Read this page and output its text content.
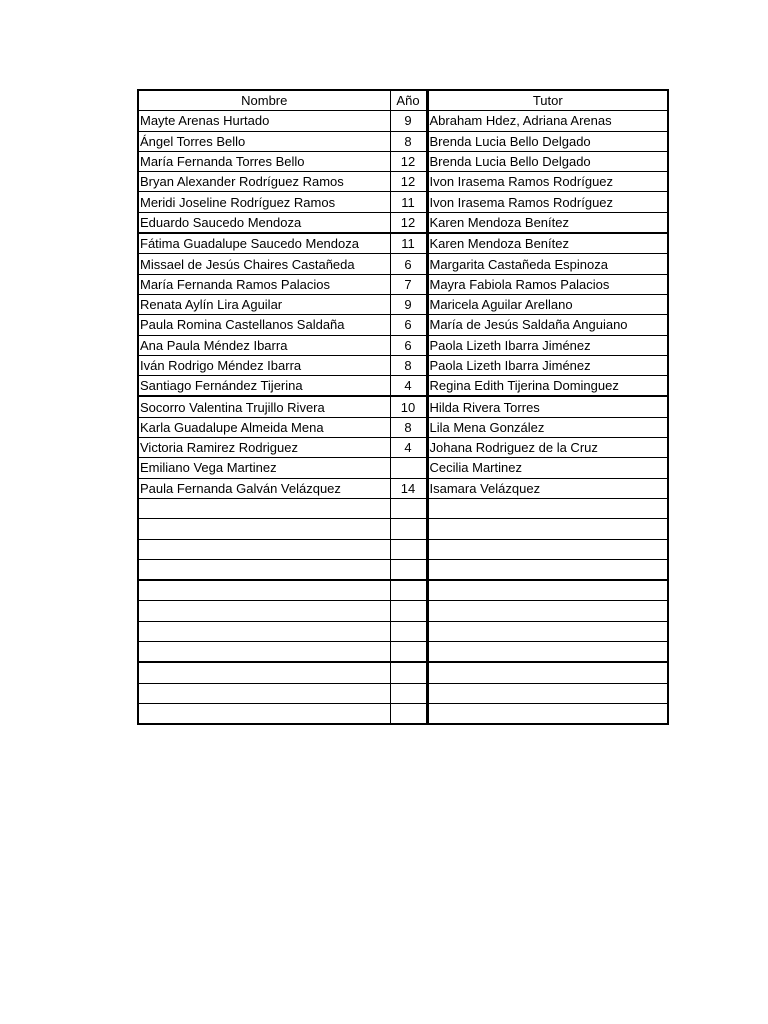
Nombre	Año	Tutor
Mayte Arenas Hurtado	9	Abraham Hdez, Adriana Arenas
Ángel Torres Bello	8	Brenda Lucia Bello Delgado
María Fernanda Torres Bello	12	Brenda Lucia Bello Delgado
Bryan Alexander Rodríguez Ramos	12	Ivon Irasema Ramos Rodríguez
Meridi Joseline Rodríguez Ramos	11	Ivon Irasema Ramos Rodríguez
Eduardo Saucedo Mendoza	12	Karen Mendoza Benítez
Fátima Guadalupe Saucedo Mendoza	11	Karen Mendoza Benítez
Missael de Jesús Chaires Castañeda	6	Margarita Castañeda Espinoza
María Fernanda Ramos Palacios	7	Mayra Fabiola Ramos Palacios
Renata Aylín Lira Aguilar	9	Maricela Aguilar Arellano
Paula Romina Castellanos Saldaña	6	María de Jesús Saldaña Anguiano
Ana Paula Méndez Ibarra	6	Paola Lizeth Ibarra Jiménez
Iván Rodrigo Méndez Ibarra	8	Paola Lizeth Ibarra Jiménez
Santiago Fernández Tijerina	4	Regina Edith Tijerina Dominguez
Socorro Valentina Trujillo Rivera	10	Hilda Rivera Torres
Karla Guadalupe Almeida Mena	8	Lila Mena González
Victoria Ramirez Rodriguez	4	Johana Rodriguez de la Cruz
Emiliano Vega Martinez		Cecilia Martinez
Paula Fernanda Galván Velázquez	14	Isamara Velázquez
